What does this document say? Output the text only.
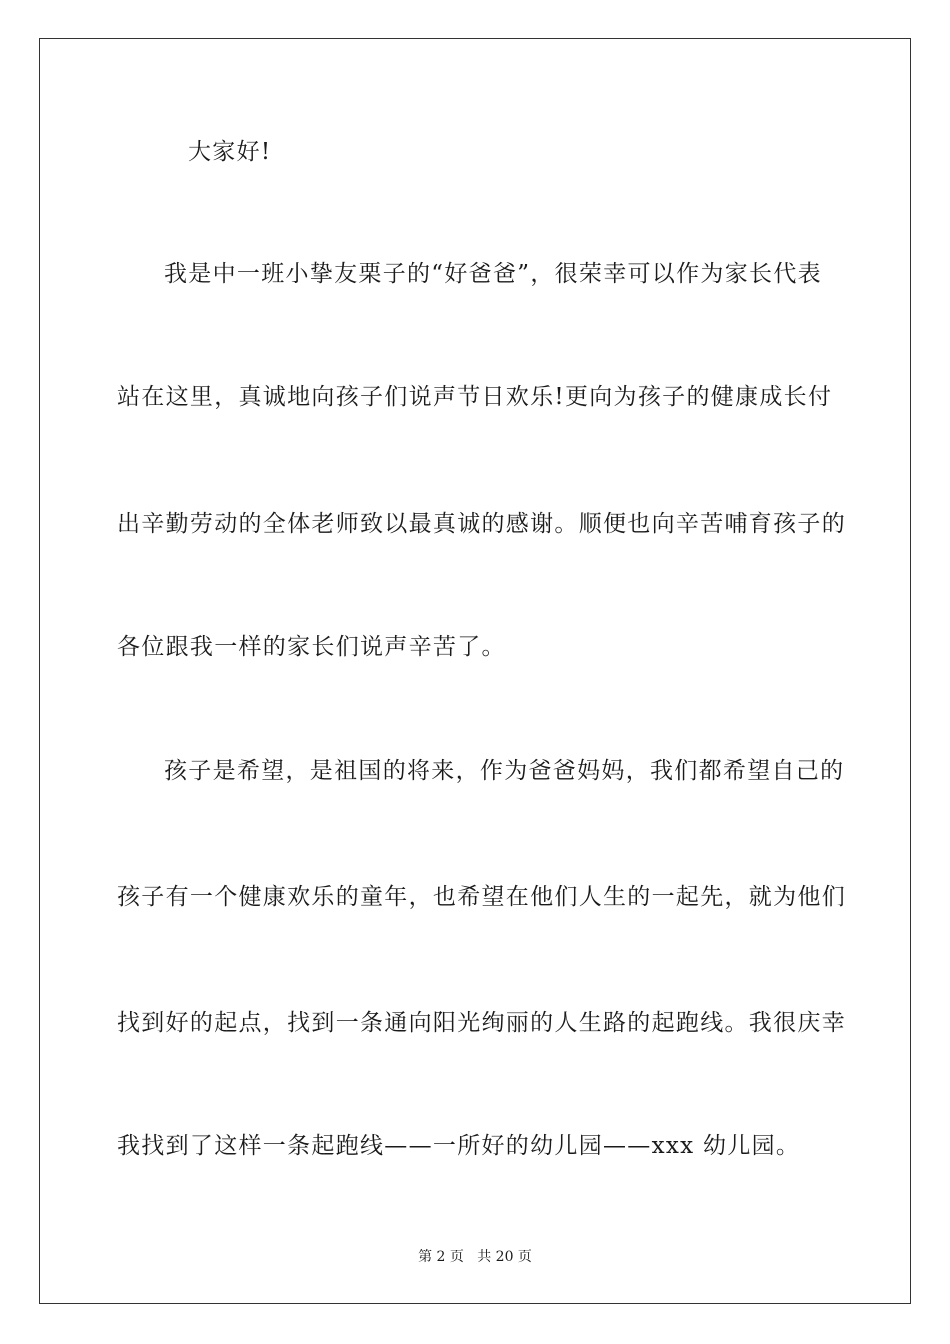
大家好!
我是中一班小挚友栗子的“好爸爸”，很荣幸可以作为家长代表
站在这里，真诚地向孩子们说声节日欢乐!更向为孩子的健康成长付
出辛勤劳动的全体老师致以最真诚的感谢。顺便也向辛苦哺育孩子的
各位跟我一样的家长们说声辛苦了。
孩子是希望，是祖国的将来，作为爸爸妈妈，我们都希望自己的
孩子有一个健康欢乐的童年，也希望在他们人生的一起先，就为他们
找到好的起点，找到一条通向阳光绚丽的人生路的起跑线。我很庆幸
我找到了这样一条起跑线——一所好的幼儿园——xxx 幼儿园。
第 2 页   共 20 页
